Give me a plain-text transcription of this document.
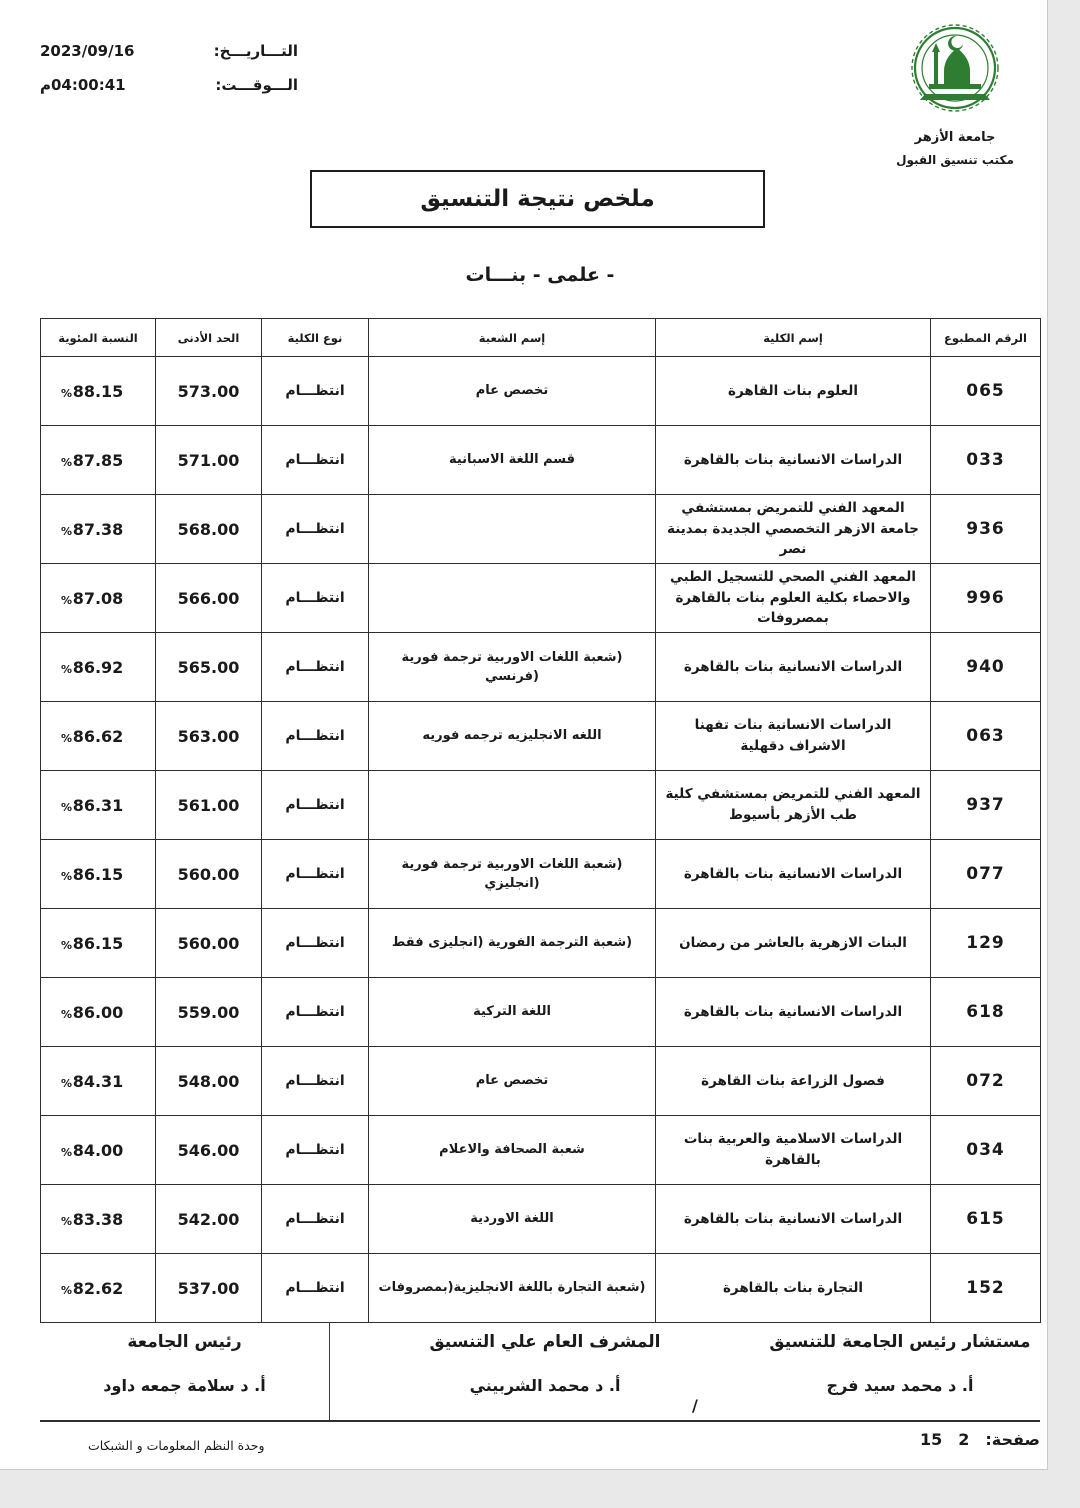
التـــاريـــخ:
2023/09/16
الـــوقـــت:
04:00:41م
جامعة الأزهر
مكتب تنسيق القبول
ملخص نتيجة التنسيق
- علمى - بنـــات
الرقم المطبوع	إسم الكلية	إسم الشعبة	نوع الكلية	الحد الأدنى	النسبة المئوية
065	العلوم بنات القاهرة	تخصص عام	انتظـــام	573.00	% 88.15
033	الدراسات الانسانية بنات بالقاهرة	قسم اللغة الاسبانية	انتظـــام	571.00	% 87.85
936	المعهد الفني للتمريض بمستشفي جامعة الازهر التخصصي الجديدة بمدينة نصر		انتظـــام	568.00	% 87.38
996	المعهد الفني الصحي للتسجيل الطبي والاحصاء بكلية العلوم بنات بالقاهرة بمصروفات		انتظـــام	566.00	% 87.08
940	الدراسات الانسانية بنات بالقاهرة	(شعبة اللغات الاوربية ترجمة فورية (فرنسي	انتظـــام	565.00	% 86.92
063	الدراسات الانسانية بنات تفهنا الاشراف دقهلية	اللغه الانجليزيه ترجمه فوريه	انتظـــام	563.00	% 86.62
937	المعهد الفني للتمريض بمستشفي كلية طب الأزهر بأسيوط		انتظـــام	561.00	% 86.31
077	الدراسات الانسانية بنات بالقاهرة	(شعبة اللغات الاوربية ترجمة فورية (انجليزي	انتظـــام	560.00	% 86.15
129	البنات الازهرية بالعاشر من رمضان	(شعبة الترجمة الفورية (انجليزى فقط	انتظـــام	560.00	% 86.15
618	الدراسات الانسانية بنات بالقاهرة	اللغة التركية	انتظـــام	559.00	% 86.00
072	فصول الزراعة بنات القاهرة	تخصص عام	انتظـــام	548.00	% 84.31
034	الدراسات الاسلامية والعربية بنات بالقاهرة	شعبة الصحافة والاعلام	انتظـــام	546.00	% 84.00
615	الدراسات الانسانية بنات بالقاهرة	اللغة الاوردية	انتظـــام	542.00	% 83.38
152	التجارة بنات بالقاهرة	(شعبة التجارة باللغة الانجليزية(بمصروفات	انتظـــام	537.00	% 82.62
مستشار رئيس الجامعة للتنسيق
أ. د محمد سيد فرج
المشرف العام علي التنسيق
أ. د محمد الشربيني
رئيس الجامعة
أ. د سلامة جمعه داود
/
صفحة:
2
15
وحدة النظم المعلومات و الشبكات
